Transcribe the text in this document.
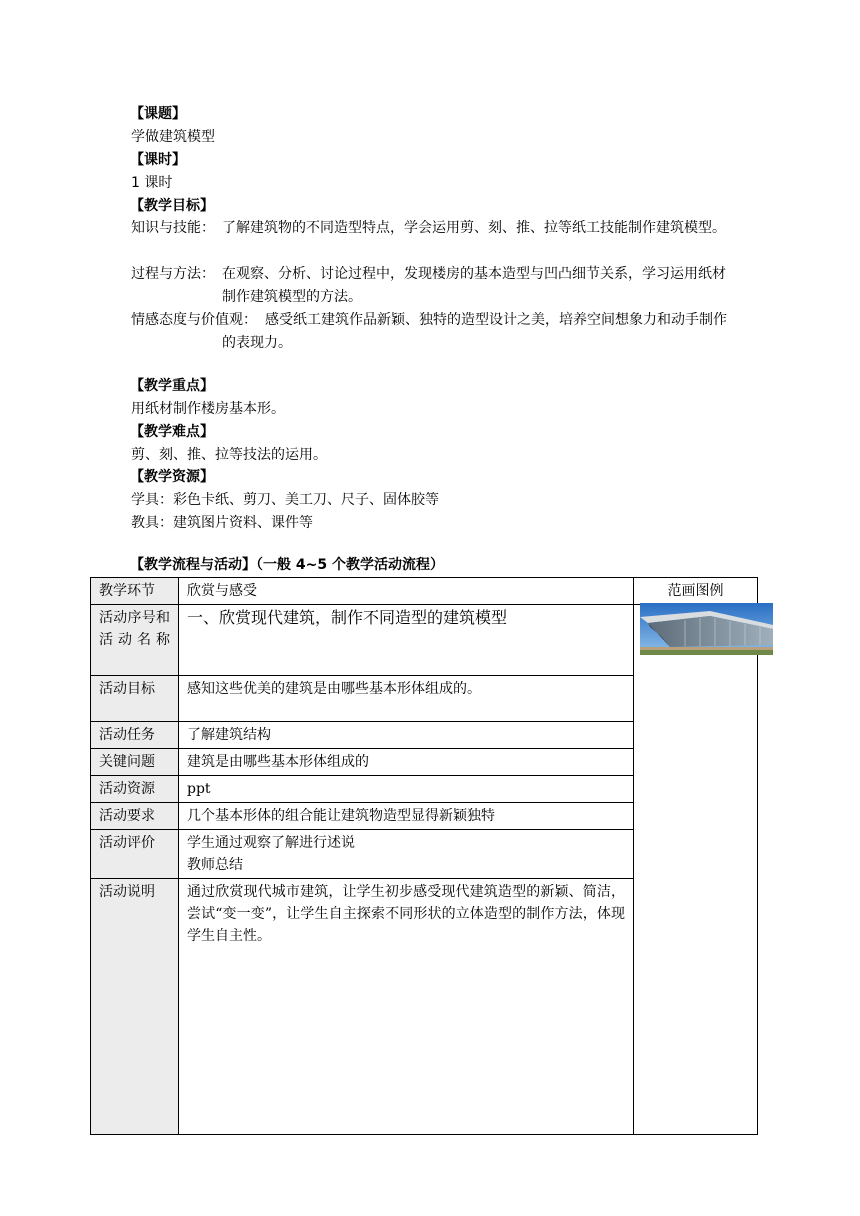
【课题】
学做建筑模型
【课时】
1 课时
【教学目标】
知识与技能： 了解建筑物的不同造型特点，学会运用剪、刻、推、拉等纸工技能制作建筑模型。
过程与方法： 在观察、分析、讨论过程中，发现楼房的基本造型与凹凸细节关系，学习运用纸材制作建筑模型的方法。
情感态度与价值观： 感受纸工建筑作品新颖、独特的造型设计之美，培养空间想象力和动手制作的表现力。
【教学重点】
用纸材制作楼房基本形。
【教学难点】
剪、刻、推、拉等技法的运用。
【教学资源】
学具：彩色卡纸、剪刀、美工刀、尺子、固体胶等
教具：建筑图片资料、课件等
【教学流程与活动】（一般 4~5 个教学活动流程）
教学环节	欣赏与感受	范画图例

活动序号和活动名称	一、欣赏现代建筑，制作不同造型的建筑模型	
活动目标	感知这些优美的建筑是由哪些基本形体组成的。	
活动任务	了解建筑结构	
关键问题	建筑是由哪些基本形体组成的	
活动资源	ppt	
活动要求	几个基本形体的组合能让建筑物造型显得新颖独特	
活动评价	学生通过观察了解进行述说
教师总结	

活动说明	通过欣赏现代城市建筑，让学生初步感受现代建筑造型的新颖、简洁，尝试“变一变”，让学生自主探索不同形状的立体造型的制作方法，体现学生自主性。	
